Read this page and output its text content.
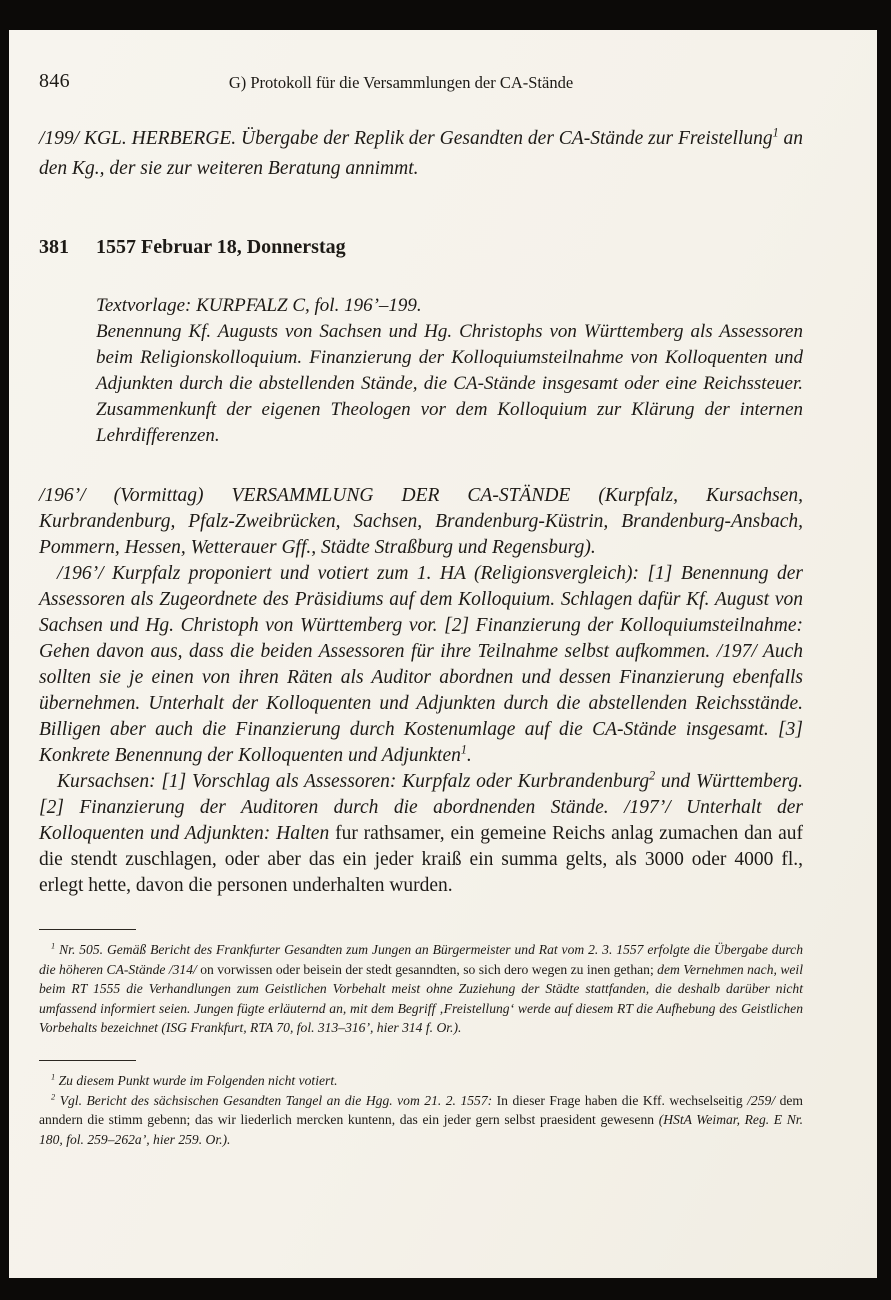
846	G) Protokoll für die Versammlungen der CA-Stände

/199/ KGL. HERBERGE. Übergabe der Replik der Gesandten der CA-Stände zur Freistellung$^1$ an den Kg., der sie zur weiteren Beratung annimmt.

381 1557 Februar 18, Donnerstag

Textvorlage: KURPFALZ C, fol. 196’–199.

Benennung Kf. Augusts von Sachsen und Hg. Christophs von Württemberg als Assessoren beim Religionskolloquium. Finanzierung der Kolloquiumsteilnahme von Kolloquenten und Adjunkten durch die abstellenden Stände, die CA-Stände insgesamt oder eine Reichssteuer. Zusammenkunft der eigenen Theologen vor dem Kolloquium zur Klärung der internen Lehrdifferenzen.

/196’/ (Vormittag) VERSAMMLUNG DER CA-STÄNDE (Kurpfalz, Kursachsen, Kurbrandenburg, Pfalz-Zweibrücken, Sachsen, Brandenburg-Küstrin, Brandenburg-Ansbach, Pommern, Hessen, Wetterauer Gff., Städte Straßburg und Regensburg).

/196’/ Kurpfalz proponiert und votiert zum 1. HA (Religionsvergleich): [1] Benennung der Assessoren als Zugeordnete des Präsidiums auf dem Kolloquium. Schlagen dafür Kf. August von Sachsen und Hg. Christoph von Württemberg vor. [2] Finanzierung der Kolloquiumsteilnahme: Gehen davon aus, dass die beiden Assessoren für ihre Teilnahme selbst aufkommen. /197/ Auch sollten sie je einen von ihren Räten als Auditor abordnen und dessen Finanzierung ebenfalls übernehmen. Unterhalt der Kolloquenten und Adjunkten durch die abstellenden Reichsstände. Billigen aber auch die Finanzierung durch Kostenumlage auf die CA-Stände insgesamt. [3] Konkrete Benennung der Kolloquenten und Adjunkten$^1$.

Kursachsen: [1] Vorschlag als Assessoren: Kurpfalz oder Kurbrandenburg$^2$ und Württemberg. [2] Finanzierung der Auditoren durch die abordnenden Stände. /197’/ Unterhalt der Kolloquenten und Adjunkten: Halten fur rathsamer, ein gemeine Reichs anlag zumachen dan auf die stendt zuschlagen, oder aber das ein jeder kraiß ein summa gelts, als 3000 oder 4000 fl., erlegt hette, davon die personen underhalten wurden.

$^1$ Nr. 505. Gemäß Bericht des Frankfurter Gesandten zum Jungen an Bürgermeister und Rat vom 2. 3. 1557 erfolgte die Übergabe durch die höheren CA-Stände /314/ on vorwissen oder beisein der stedt gesanndten, so sich dero wegen zu inen gethan; dem Vernehmen nach, weil beim RT 1555 die Verhandlungen zum Geistlichen Vorbehalt meist ohne Zuziehung der Städte stattfanden, die deshalb darüber nicht umfassend informiert seien. Jungen fügte erläuternd an, mit dem Begriff ‚Freistellung‘ werde auf diesem RT die Aufhebung des Geistlichen Vorbehalts bezeichnet (ISG Frankfurt, RTA 70, fol. 313–316’, hier 314 f. Or.).

$^1$ Zu diesem Punkt wurde im Folgenden nicht votiert.

$^2$ Vgl. Bericht des sächsischen Gesandten Tangel an die Hgg. vom 21. 2. 1557: In dieser Frage haben die Kff. wechselseitig /259/ dem anndern die stimm gebenn; das wir liederlich mercken kuntenn, das ein jeder gern selbst praesident gewesenn (HStA Weimar, Reg. E Nr. 180, fol. 259–262a’, hier 259. Or.).
